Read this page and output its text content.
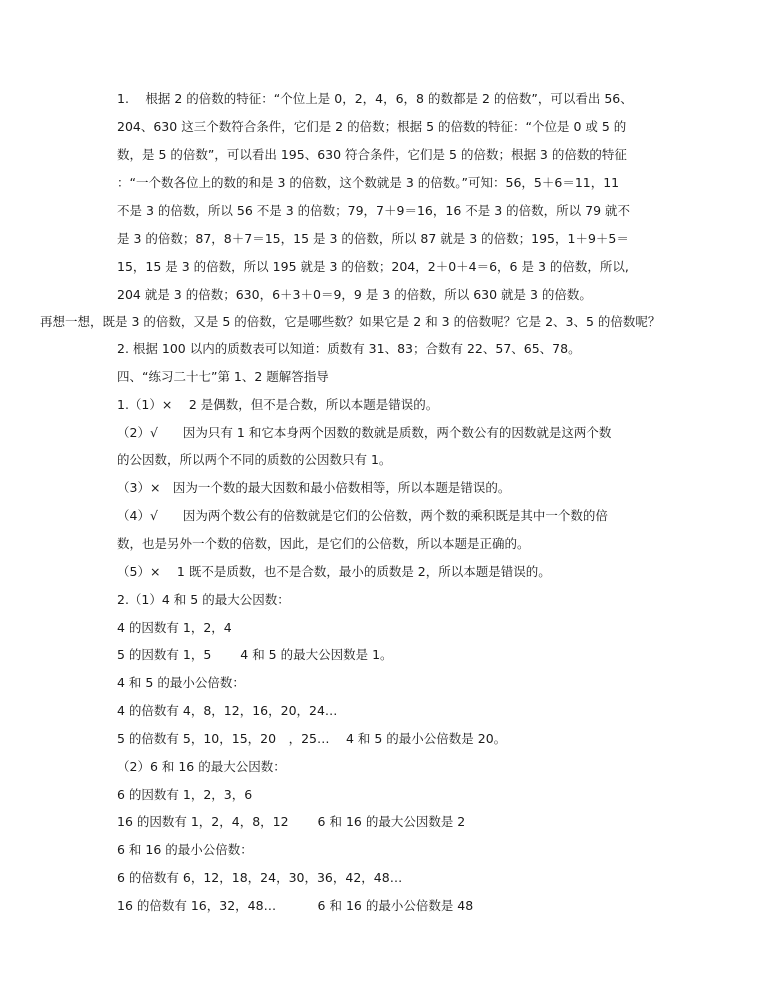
1.　 根据 2 的倍数的特征：“个位上是 0，2，4，6，8 的数都是 2 的倍数”，可以看出 56、
204、630 这三个数符合条件，它们是 2 的倍数；根据 5 的倍数的特征：“个位是 0 或 5 的
数，是 5 的倍数”，可以看出 195、630 符合条件，它们是 5 的倍数；根据 3 的倍数的特征
：“一个数各位上的数的和是 3 的倍数，这个数就是 3 的倍数。”可知：56，5＋6＝11，11
不是 3 的倍数，所以 56 不是 3 的倍数；79，7＋9＝16，16 不是 3 的倍数，所以 79 就不
是 3 的倍数；87，8＋7＝15，15 是 3 的倍数，所以 87 就是 3 的倍数；195，1＋9＋5＝
15，15 是 3 的倍数，所以 195 就是 3 的倍数；204，2＋0＋4＝6，6 是 3 的倍数，所以,
204 就是 3 的倍数；630，6＋3＋0＝9，9 是 3 的倍数，所以 630 就是 3 的倍数。
再想一想，既是 3 的倍数，又是 5 的倍数，它是哪些数？如果它是 2 和 3 的倍数呢？它是 2、3、5 的倍数呢？
2. 根据 100 以内的质数表可以知道：质数有 31、83；合数有 22、57、65、78。
四、“练习二十七”第 1、2 题解答指导
1.（1）×　 2 是偶数，但不是合数，所以本题是错误的。
（2）√　　因为只有 1 和它本身两个因数的数就是质数，两个数公有的因数就是这两个数
的公因数，所以两个不同的质数的公因数只有 1。
（3）×　因为一个数的最大因数和最小倍数相等，所以本题是错误的。
（4）√　　因为两个数公有的倍数就是它们的公倍数，两个数的乘积既是其中一个数的倍
数，也是另外一个数的倍数，因此，是它们的公倍数，所以本题是正确的。
（5）×　 1 既不是质数，也不是合数，最小的质数是 2，所以本题是错误的。
2.（1）4 和 5 的最大公因数：
4 的因数有 1，2，4
5 的因数有 1，5　　 4 和 5 的最大公因数是 1。
4 和 5 的最小公倍数：
4 的倍数有 4，8，12，16，20，24…
5 的倍数有 5，10，15，20　，25…　 4 和 5 的最小公倍数是 20。
（2）6 和 16 的最大公因数：
6 的因数有 1，2，3，6
16 的因数有 1，2，4，8，12　　 6 和 16 的最大公因数是 2
6 和 16 的最小公倍数：
6 的倍数有 6，12，18，24，30，36，42，48…
16 的倍数有 16，32，48…　　　 6 和 16 的最小公倍数是 48
